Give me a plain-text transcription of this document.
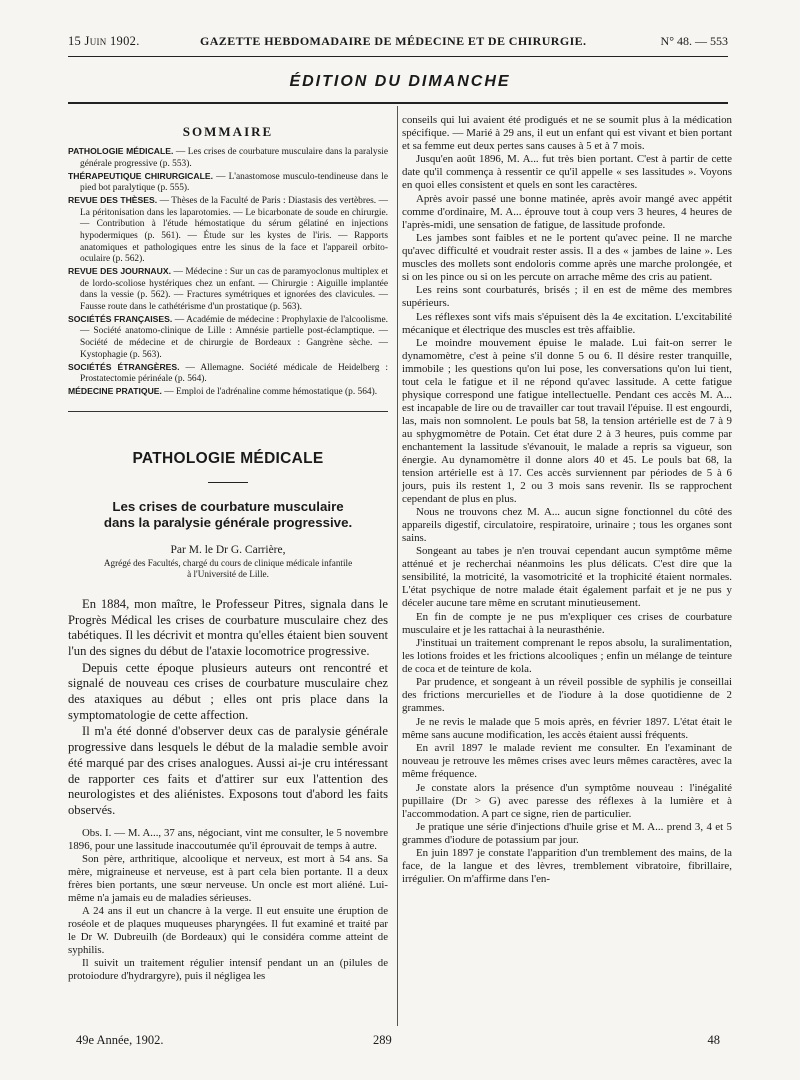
15 Juin 1902.	GAZETTE HEBDOMADAIRE DE MÉDECINE ET DE CHIRURGIE.	N° 48. — 553
ÉDITION DU DIMANCHE
SOMMAIRE
PATHOLOGIE MÉDICALE. — Les crises de courbature musculaire dans la paralysie générale progressive (p. 553).
THÉRAPEUTIQUE CHIRURGICALE. — L'anastomose musculo-tendineuse dans le pied bot paralytique (p. 555).
REVUE DES THÈSES. — Thèses de la Faculté de Paris : Diastasis des vertèbres. — La péritonisation dans les laparotomies. — Le bicarbonate de soude en chirurgie. — Contribution à l'étude hémostatique du sérum gélatiné en injections hypodermiques (p. 561). — Étude sur les kystes de l'iris. — Rapports anatomiques et pathologiques entre les sinus de la face et l'appareil orbito-oculaire (p. 562).
REVUE DES JOURNAUX. — Médecine : Sur un cas de paramyoclonus multiplex et de lordo-scoliose hystériques chez un enfant. — Chirurgie : Aiguille implantée dans la vessie (p. 562). — Fractures symétriques et ignorées des clavicules. — Fausse route dans le cathétérisme d'un prostatique (p. 563).
SOCIÉTÉS FRANÇAISES. — Académie de médecine : Prophylaxie de l'alcoolisme. — Société anatomo-clinique de Lille : Amnésie partielle post-éclamptique. — Société de médecine et de chirurgie de Bordeaux : Gangrène sèche. — Kystophagie (p. 563).
SOCIÉTÉS ÉTRANGÈRES. — Allemagne. Société médicale de Heidelberg : Prostatectomie périnéale (p. 564).
MÉDECINE PRATIQUE. — Emploi de l'adrénaline comme hémostatique (p. 564).
PATHOLOGIE MÉDICALE
Les crises de courbature musculaire
dans la paralysie générale progressive.
Par M. le Dr G. Carrière,
Agrégé des Facultés, chargé du cours de clinique médicale infantile
à l'Université de Lille.

En 1884, mon maître, le Professeur Pitres, signala dans le Progrès Médical les crises de courbature musculaire chez des tabétiques. Il les décrivit et montra qu'elles étaient bien souvent l'un des signes du début de l'ataxie locomotrice progressive.

Depuis cette époque plusieurs auteurs ont rencontré et signalé de nouveau ces crises de courbature musculaire chez des ataxiques au début ; elles ont pris place dans la symptomatologie de cette affection.

Il m'a été donné d'observer deux cas de paralysie générale progressive dans lesquels le début de la maladie semble avoir été marqué par des crises analogues. Aussi ai-je cru intéressant de rapporter ces faits et d'attirer sur eux l'attention des neurologistes et des aliénistes. Exposons tout d'abord les faits observés.

Obs. I. — M. A..., 37 ans, négociant, vint me consulter, le 5 novembre 1896, pour une lassitude inaccoutumée qu'il éprouvait de temps à autre.

Son père, arthritique, alcoolique et nerveux, est mort à 54 ans. Sa mère, migraineuse et nerveuse, est à part cela bien portante. Il a deux frères bien portants, une sœur nerveuse. Un oncle est mort aliéné. Lui-même n'a jamais eu de maladies sérieuses.

A 24 ans il eut un chancre à la verge. Il eut ensuite une éruption de roséole et de plaques muqueuses pharyngées. Il fut examiné et traité par le Dr W. Dubreuilh (de Bordeaux) qui le considéra comme atteint de syphilis.

Il suivit un traitement régulier intensif pendant un an (pilules de protoiodure d'hydrargyre), puis il négligea les

conseils qui lui avaient été prodigués et ne se soumit plus à la médication spécifique. — Marié à 29 ans, il eut un enfant qui est vivant et bien portant et sa femme eut deux pertes sans causes à 5 et à 7 mois.

Jusqu'en août 1896, M. A... fut très bien portant. C'est à partir de cette date qu'il commença à ressentir ce qu'il appelle « ses lassitudes ». Voyons en quoi elles consistent et quels en sont les caractères.

Après avoir passé une bonne matinée, après avoir mangé avec appétit comme d'ordinaire, M. A... éprouve tout à coup vers 3 heures, 4 heures de l'après-midi, une sensation de fatigue, de lassitude profonde.

Les jambes sont faibles et ne le portent qu'avec peine. Il ne marche qu'avec difficulté et voudrait rester assis. Il a des « jambes de laine ». Les muscles des mollets sont endoloris comme après une marche prolongée, et si on les pince ou si on les percute on arrache même des cris au patient.

Les reins sont courbaturés, brisés ; il en est de même des membres supérieurs.

Les réflexes sont vifs mais s'épuisent dès la 4e excitation. L'excitabilité mécanique et électrique des muscles est très affaiblie.

Le moindre mouvement épuise le malade. Lui fait-on serrer le dynamomètre, c'est à peine s'il donne 5 ou 6. Il désire rester tranquille, immobile ; les questions qu'on lui pose, les conversations qu'on lui tient, tout cela le fatigue et il ne répond qu'avec lassitude. A cette fatigue physique correspond une fatigue intellectuelle. Pendant ces accès M. A... est incapable de lire ou de travailler car tout travail l'épuise. Il est engourdi, las, mais non somnolent. Le pouls bat 58, la tension artérielle est de 7 à 9 au sphygmomètre de Potain. Cet état dure 2 à 3 heures, puis comme par enchantement la lassitude s'évanouit, le malade a repris sa vigueur, son énergie. Au dynamomètre il donne alors 40 et 45. Le pouls bat 68, la tension artérielle est à 17. Ces accès surviennent par périodes de 5 à 6 jours, puis ils restent 1, 2 ou 3 mois sans revenir. Ils se rapprochent cependant de plus en plus.

Nous ne trouvons chez M. A... aucun signe fonctionnel du côté des appareils digestif, circulatoire, respiratoire, urinaire ; tous les organes sont sains.

Songeant au tabes je n'en trouvai cependant aucun symptôme même atténué et je recherchai néanmoins les plus délicats. C'est dire que la sensibilité, la motricité, la vasomotricité et la trophicité étaient normales. L'état psychique de notre malade était également parfait et je ne pus y déceler aucune tare même en scrutant minutieusement.

En fin de compte je ne pus m'expliquer ces crises de courbature musculaire et je les rattachai à la neurasthénie.

J'instituai un traitement comprenant le repos absolu, la suralimentation, les lotions froides et les frictions alcooliques ; enfin un mélange de teinture de coca et de teinture de kola.

Par prudence, et songeant à un réveil possible de syphilis je conseillai des frictions mercurielles et de l'iodure à la dose quotidienne de 2 grammes.

Je ne revis le malade que 5 mois après, en février 1897. L'état était le même sans aucune modification, les accès étaient aussi fréquents.

En avril 1897 le malade revient me consulter. En l'examinant de nouveau je retrouve les mêmes crises avec leurs mêmes caractères, avec la même fréquence.

Je constate alors la présence d'un symptôme nouveau : l'inégalité pupillaire (Dr > G) avec paresse des réflexes à la lumière et à l'accommodation. A part ce signe, rien de particulier.

Je pratique une série d'injections d'huile grise et M. A... prend 3, 4 et 5 grammes d'iodure de potassium par jour.

En juin 1897 je constate l'apparition d'un tremblement des mains, de la face, de la langue et des lèvres, tremblement vibratoire, fibrillaire, irrégulier. On m'affirme dans l'en-

49e Année, 1902.	289	48
